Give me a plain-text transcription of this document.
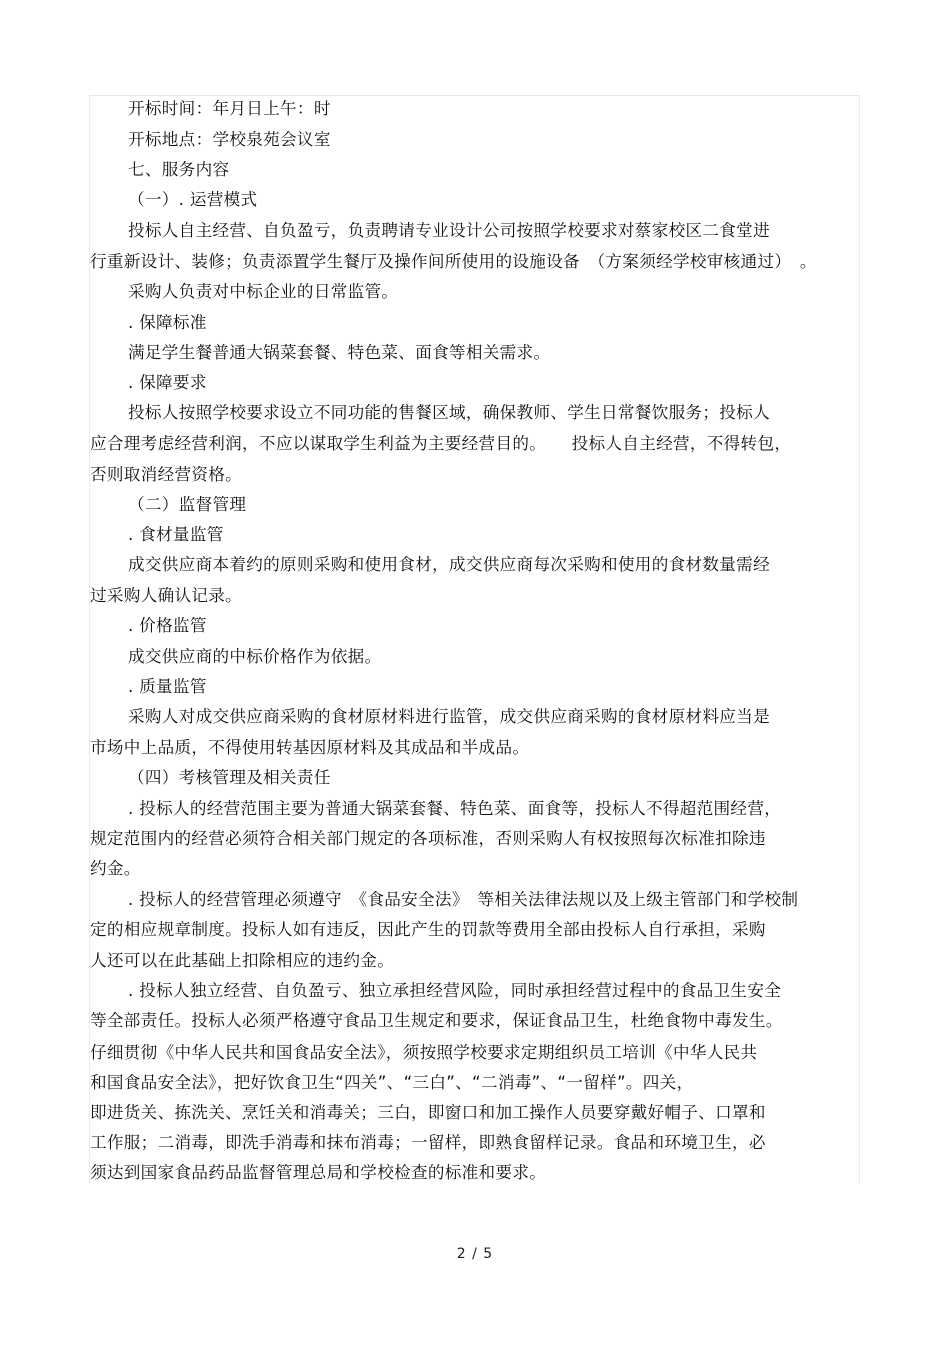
开标时间：年月日上午：时

开标地点：学校泉苑会议室

七、服务内容

（一）. 运营模式

投标人自主经营、自负盈亏，负责聘请专业设计公司按照学校要求对蔡家校区二食堂进

行重新设计、装修；负责添置学生餐厅及操作间所使用的设施设备　（方案须经学校审核通过）　。

采购人负责对中标企业的日常监管。

. 保障标准

满足学生餐普通大锅菜套餐、特色菜、面食等相关需求。

. 保障要求

投标人按照学校要求设立不同功能的售餐区域，确保教师、学生日常餐饮服务；投标人

应合理考虑经营利润，不应以谋取学生利益为主要经营目的。　　投标人自主经营，不得转包，

否则取消经营资格。

（二）监督管理

. 食材量监管

成交供应商本着约的原则采购和使用食材，成交供应商每次采购和使用的食材数量需经

过采购人确认记录。

. 价格监管

成交供应商的中标价格作为依据。

. 质量监管

采购人对成交供应商采购的食材原材料进行监管，成交供应商采购的食材原材料应当是

市场中上品质，不得使用转基因原材料及其成品和半成品。

（四）考核管理及相关责任

. 投标人的经营范围主要为普通大锅菜套餐、特色菜、面食等，投标人不得超范围经营，

规定范围内的经营必须符合相关部门规定的各项标准，否则采购人有权按照每次标准扣除违

约金。

. 投标人的经营管理必须遵守　《食品安全法》　等相关法律法规以及上级主管部门和学校制

定的相应规章制度。投标人如有违反，因此产生的罚款等费用全部由投标人自行承担，采购

人还可以在此基础上扣除相应的违约金。

. 投标人独立经营、自负盈亏、独立承担经营风险，同时承担经营过程中的食品卫生安全

等全部责任。投标人必须严格遵守食品卫生规定和要求，保证食品卫生，杜绝食物中毒发生。

仔细贯彻《中华人民共和国食品安全法》，须按照学校要求定期组织员工培训《中华人民共

和国食品安全法》，把好饮食卫生“四关”、“三白”、“二消毒”、“一留样”。四关，

即进货关、拣洗关、烹饪关和消毒关；三白，即窗口和加工操作人员要穿戴好帽子、口罩和

工作服；二消毒，即洗手消毒和抹布消毒；一留样，即熟食留样记录。食品和环境卫生，必

须达到国家食品药品监督管理总局和学校检查的标准和要求。

2 / 5
